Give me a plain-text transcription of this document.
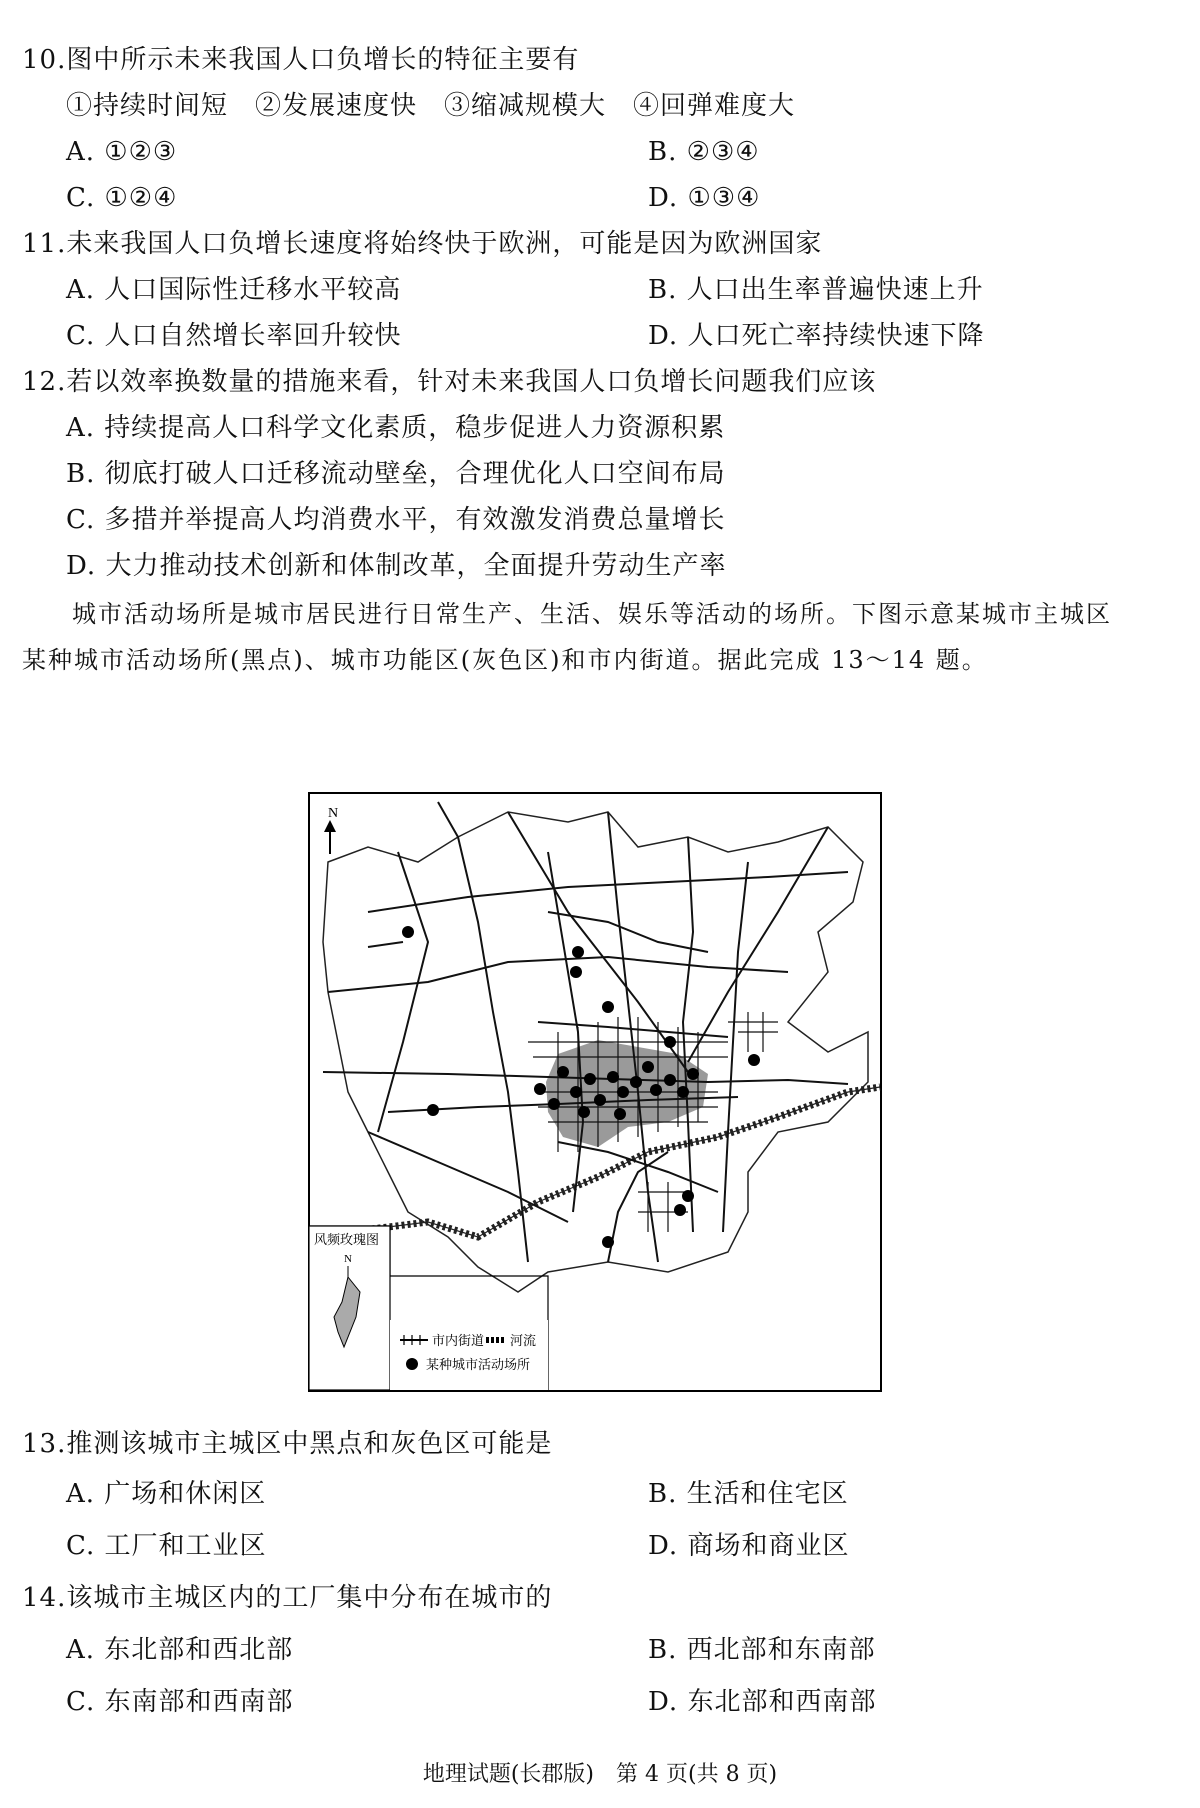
10.图中所示未来我国人口负增长的特征主要有
①持续时间短　②发展速度快　③缩减规模大　④回弹难度大
A. ①②③	B. ②③④
C. ①②④	D. ①③④
11.未来我国人口负增长速度将始终快于欧洲，可能是因为欧洲国家
A. 人口国际性迁移水平较高	B. 人口出生率普遍快速上升
C. 人口自然增长率回升较快	D. 人口死亡率持续快速下降
12.若以效率换数量的措施来看，针对未来我国人口负增长问题我们应该
A. 持续提高人口科学文化素质，稳步促进人力资源积累
B. 彻底打破人口迁移流动壁垒，合理优化人口空间布局
C. 多措并举提高人均消费水平，有效激发消费总量增长
D. 大力推动技术创新和体制改革，全面提升劳动生产率
城市活动场所是城市居民进行日常生产、生活、娱乐等活动的场所。下图示意某城市主城区
某种城市活动场所(黑点)、城市功能区(灰色区)和市内街道。据此完成 13～14 题。
N
风频玫瑰图
N
市内街道 河流
某种城市活动场所
13.推测该城市主城区中黑点和灰色区可能是
A. 广场和休闲区	B. 生活和住宅区
C. 工厂和工业区	D. 商场和商业区
14.该城市主城区内的工厂集中分布在城市的
A. 东北部和西北部	B. 西北部和东南部
C. 东南部和西南部	D. 东北部和西南部
地理试题(长郡版)　第 4 页(共 8 页)
